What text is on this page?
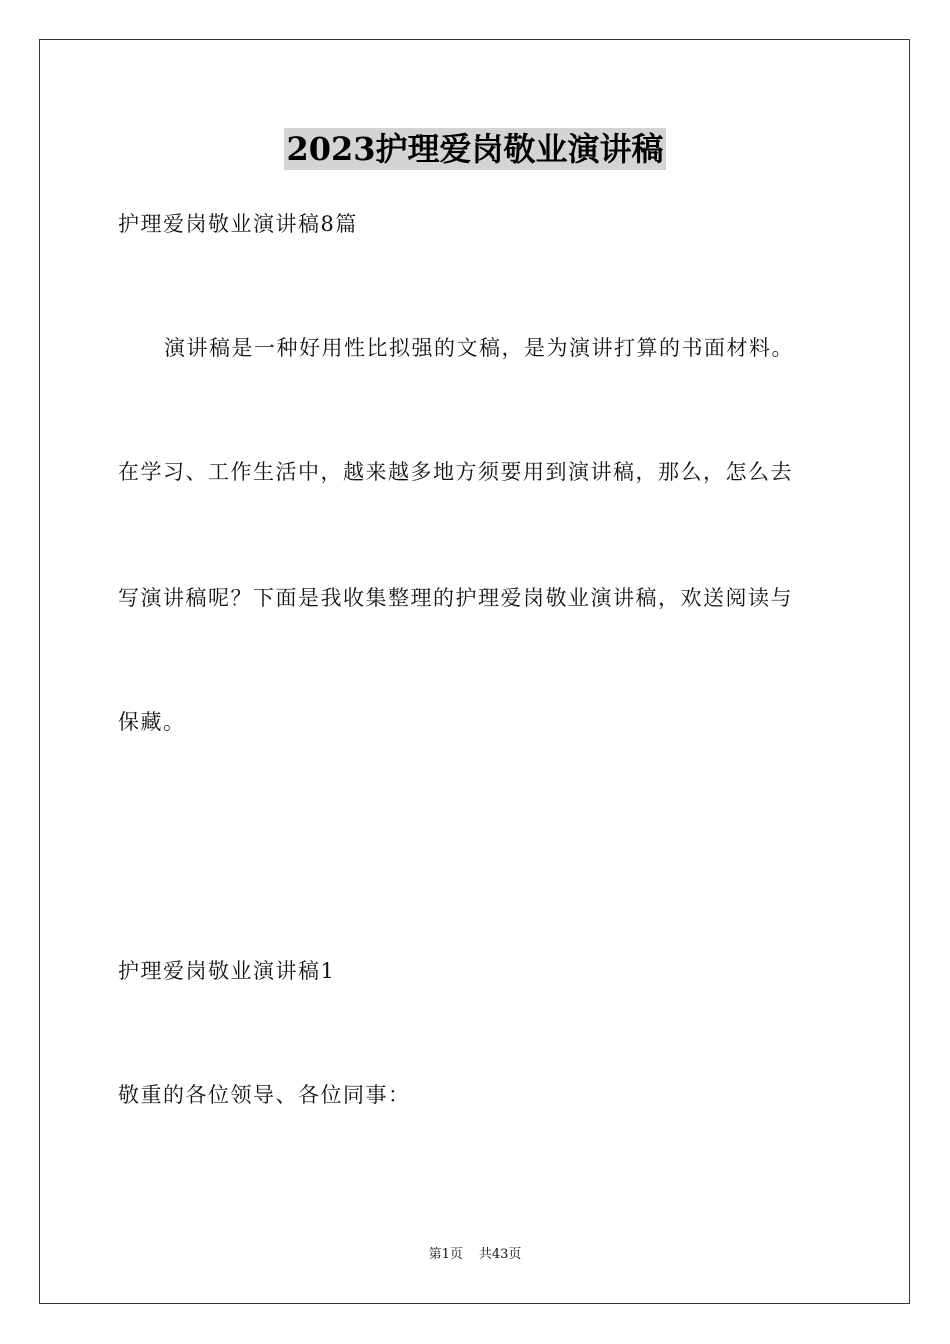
2023护理爱岗敬业演讲稿
护理爱岗敬业演讲稿8篇
演讲稿是一种好用性比拟强的文稿，是为演讲打算的书面材料。
在学习、工作生活中，越来越多地方须要用到演讲稿，那么，怎么去
写演讲稿呢？下面是我收集整理的护理爱岗敬业演讲稿，欢送阅读与
保藏。
护理爱岗敬业演讲稿1
敬重的各位领导、各位同事：
第1页 共43页
